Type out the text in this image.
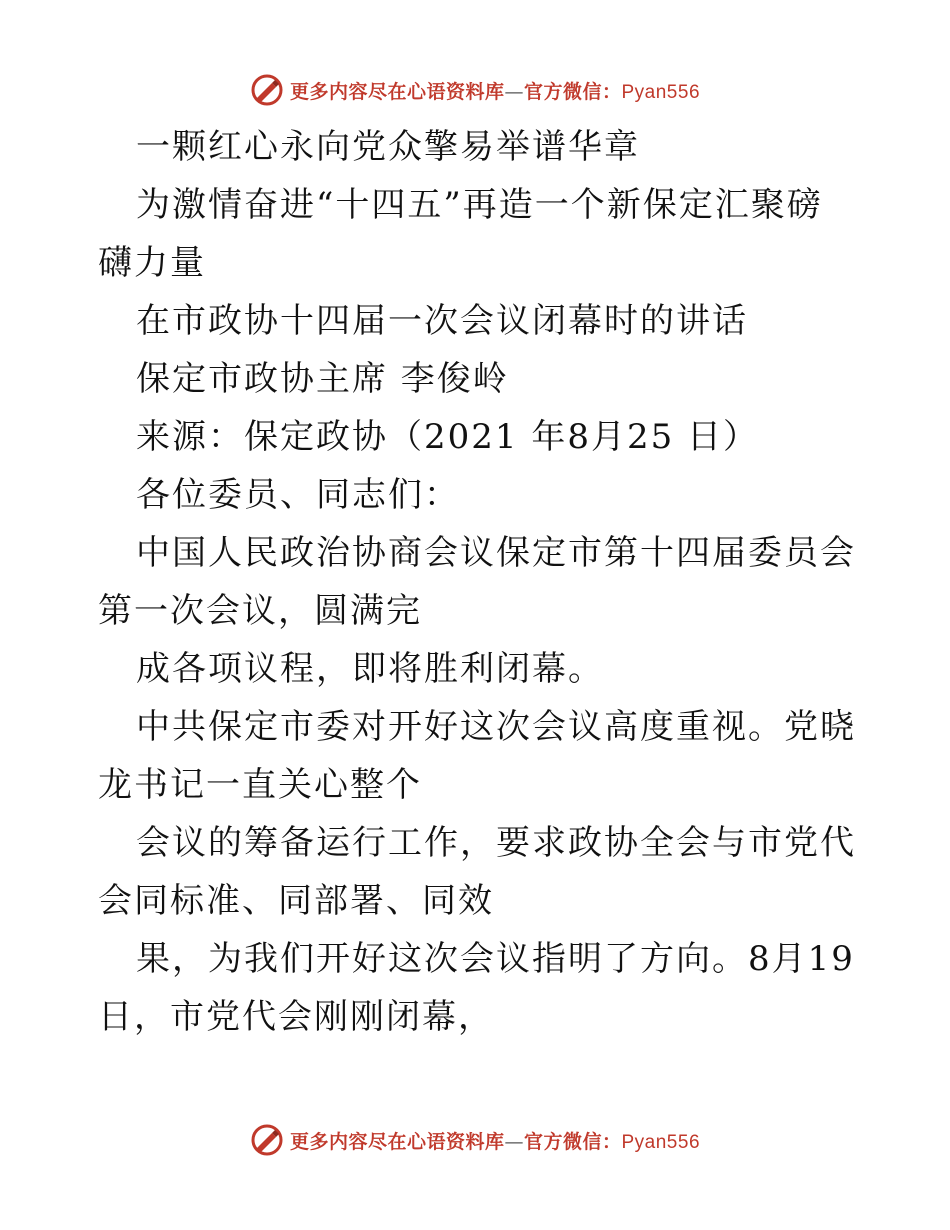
更多内容尽在心语资料库—官方微信：Pyan556

一颗红心永向党众擎易举谱华章

为激情奋进“十四五”再造一个新保定汇聚磅礴力量

在市政协十四届一次会议闭幕时的讲话

保定市政协主席 李俊岭

来源：保定政协（2021 年8月25 日）

各位委员、同志们：

中国人民政治协商会议保定市第十四届委员会第一次会议，圆满完

成各项议程，即将胜利闭幕。

中共保定市委对开好这次会议高度重视。党晓龙书记一直关心整个

会议的筹备运行工作，要求政协全会与市党代会同标准、同部署、同效

果，为我们开好这次会议指明了方向。8月19日，市党代会刚刚闭幕，

更多内容尽在心语资料库—官方微信：Pyan556
